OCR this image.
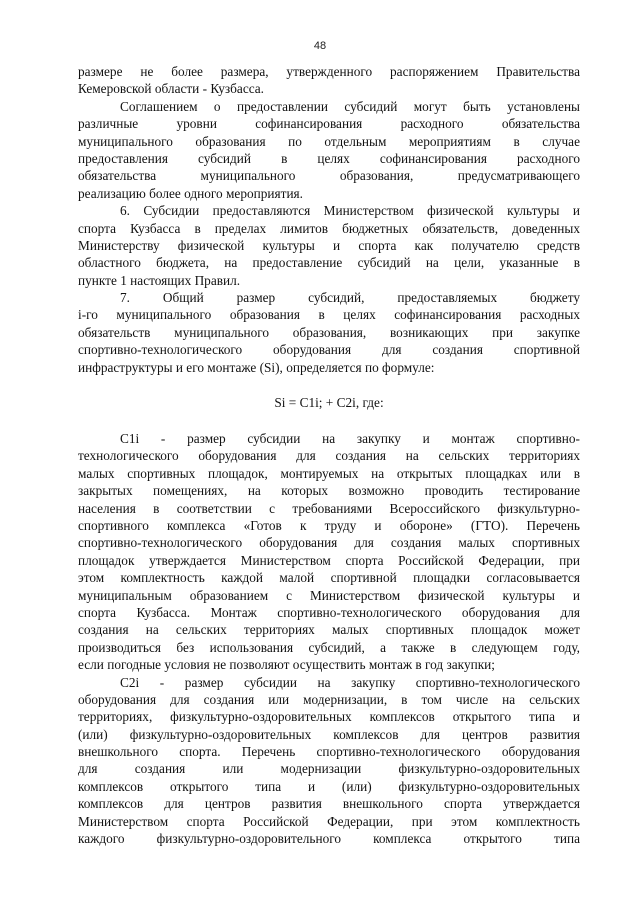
48
размере не более размера, утвержденного распоряжением Правительства
Кемеровской области - Кузбасса.
Соглашением о предоставлении субсидий могут быть установлены
различные уровни софинансирования расходного обязательства
муниципального образования по отдельным мероприятиям в случае
предоставления субсидий в целях софинансирования расходного
обязательства муниципального образования, предусматривающего
реализацию более одного мероприятия.
6. Субсидии предоставляются Министерством физической культуры и
спорта Кузбасса в пределах лимитов бюджетных обязательств, доведенных
Министерству физической культуры и спорта как получателю средств
областного бюджета, на предоставление субсидий на цели, указанные в
пункте 1 настоящих Правил.
7. Общий размер субсидий, предоставляемых бюджету
i-го муниципального образования в целях софинансирования расходных
обязательств муниципального образования, возникающих при закупке
спортивно-технологического оборудования для создания спортивной
инфраструктуры и его монтаже (Si), определяется по формуле:
Si = C1i; + C2i, где:
C1i - размер субсидии на закупку и монтаж спортивно-
технологического оборудования для создания на сельских территориях
малых спортивных площадок, монтируемых на открытых площадках или в
закрытых помещениях, на которых возможно проводить тестирование
населения в соответствии с требованиями Всероссийского физкультурно-
спортивного комплекса «Готов к труду и обороне» (ГТО). Перечень
спортивно-технологического оборудования для создания малых спортивных
площадок утверждается Министерством спорта Российской Федерации, при
этом комплектность каждой малой спортивной площадки согласовывается
муниципальным образованием с Министерством физической культуры и
спорта Кузбасса. Монтаж спортивно-технологического оборудования для
создания на сельских территориях малых спортивных площадок может
производиться без использования субсидий, а также в следующем году,
если погодные условия не позволяют осуществить монтаж в год закупки;
C2i - размер субсидии на закупку спортивно-технологического
оборудования для создания или модернизации, в том числе на сельских
территориях, физкультурно-оздоровительных комплексов открытого типа и
(или) физкультурно-оздоровительных комплексов для центров развития
внешкольного спорта. Перечень спортивно-технологического оборудования
для создания или модернизации физкультурно-оздоровительных
комплексов открытого типа и (или) физкультурно-оздоровительных
комплексов для центров развития внешкольного спорта утверждается
Министерством спорта Российской Федерации, при этом комплектность
каждого физкультурно-оздоровительного комплекса открытого типа
